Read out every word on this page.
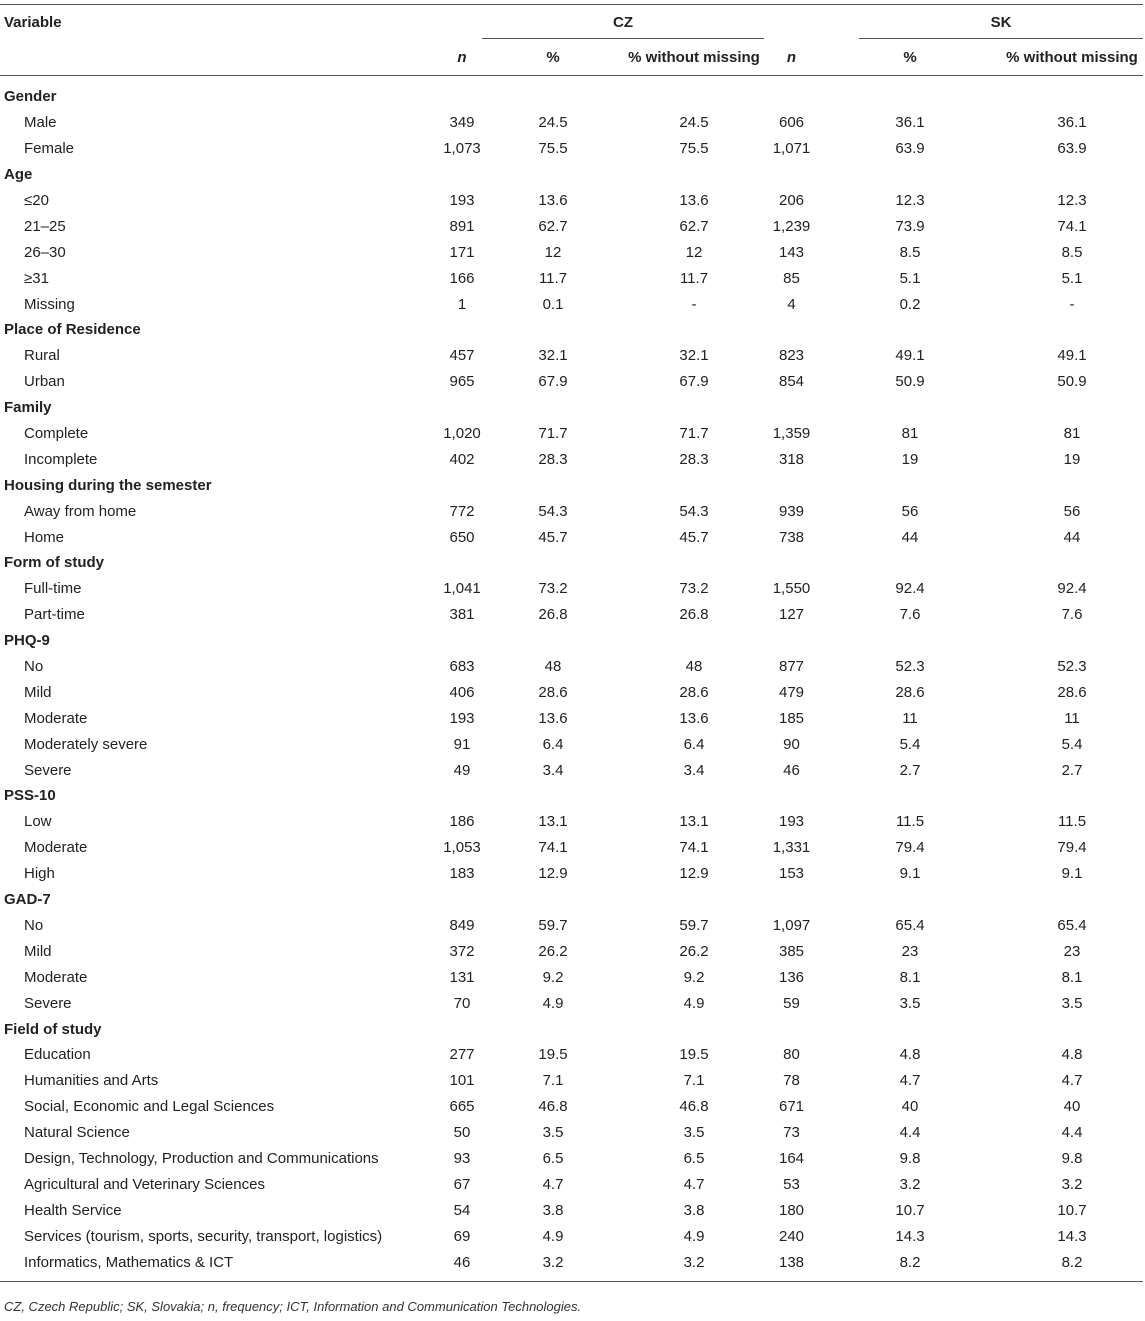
Variable		CZ				SK	

	n	%	% without missing	n	%		% without missing

Gender							
Male	349	24.5	24.5	606	36.1		36.1
Female	1,073	75.5	75.5	1,071	63.9		63.9
Age							
≤20	193	13.6	13.6	206	12.3		12.3
21–25	891	62.7	62.7	1,239	73.9		74.1
26–30	171	12	12	143	8.5		8.5
≥31	166	11.7	11.7	85	5.1		5.1
Missing	1	0.1	-	4	0.2		-
Place of Residence							
Rural	457	32.1	32.1	823	49.1		49.1
Urban	965	67.9	67.9	854	50.9		50.9
Family							
Complete	1,020	71.7	71.7	1,359	81		81
Incomplete	402	28.3	28.3	318	19		19
Housing during the semester							
Away from home	772	54.3	54.3	939	56		56
Home	650	45.7	45.7	738	44		44
Form of study							
Full-time	1,041	73.2	73.2	1,550	92.4		92.4
Part-time	381	26.8	26.8	127	7.6		7.6
PHQ-9							
No	683	48	48	877	52.3		52.3
Mild	406	28.6	28.6	479	28.6		28.6
Moderate	193	13.6	13.6	185	11		11
Moderately severe	91	6.4	6.4	90	5.4		5.4
Severe	49	3.4	3.4	46	2.7		2.7
PSS-10							
Low	186	13.1	13.1	193	11.5		11.5
Moderate	1,053	74.1	74.1	1,331	79.4		79.4
High	183	12.9	12.9	153	9.1		9.1
GAD-7							
No	849	59.7	59.7	1,097	65.4		65.4
Mild	372	26.2	26.2	385	23		23
Moderate	131	9.2	9.2	136	8.1		8.1
Severe	70	4.9	4.9	59	3.5		3.5
Field of study							
Education	277	19.5	19.5	80	4.8		4.8
Humanities and Arts	101	7.1	7.1	78	4.7		4.7
Social, Economic and Legal Sciences	665	46.8	46.8	671	40		40
Natural Science	50	3.5	3.5	73	4.4		4.4
Design, Technology, Production and Communications	93	6.5	6.5	164	9.8		9.8
Agricultural and Veterinary Sciences	67	4.7	4.7	53	3.2		3.2
Health Service	54	3.8	3.8	180	10.7		10.7
Services (tourism, sports, security, transport, logistics)	69	4.9	4.9	240	14.3		14.3
Informatics, Mathematics & ICT	46	3.2	3.2	138	8.2		8.2

CZ, Czech Republic; SK, Slovakia; n, frequency; ICT, Information and Communication Technologies.
